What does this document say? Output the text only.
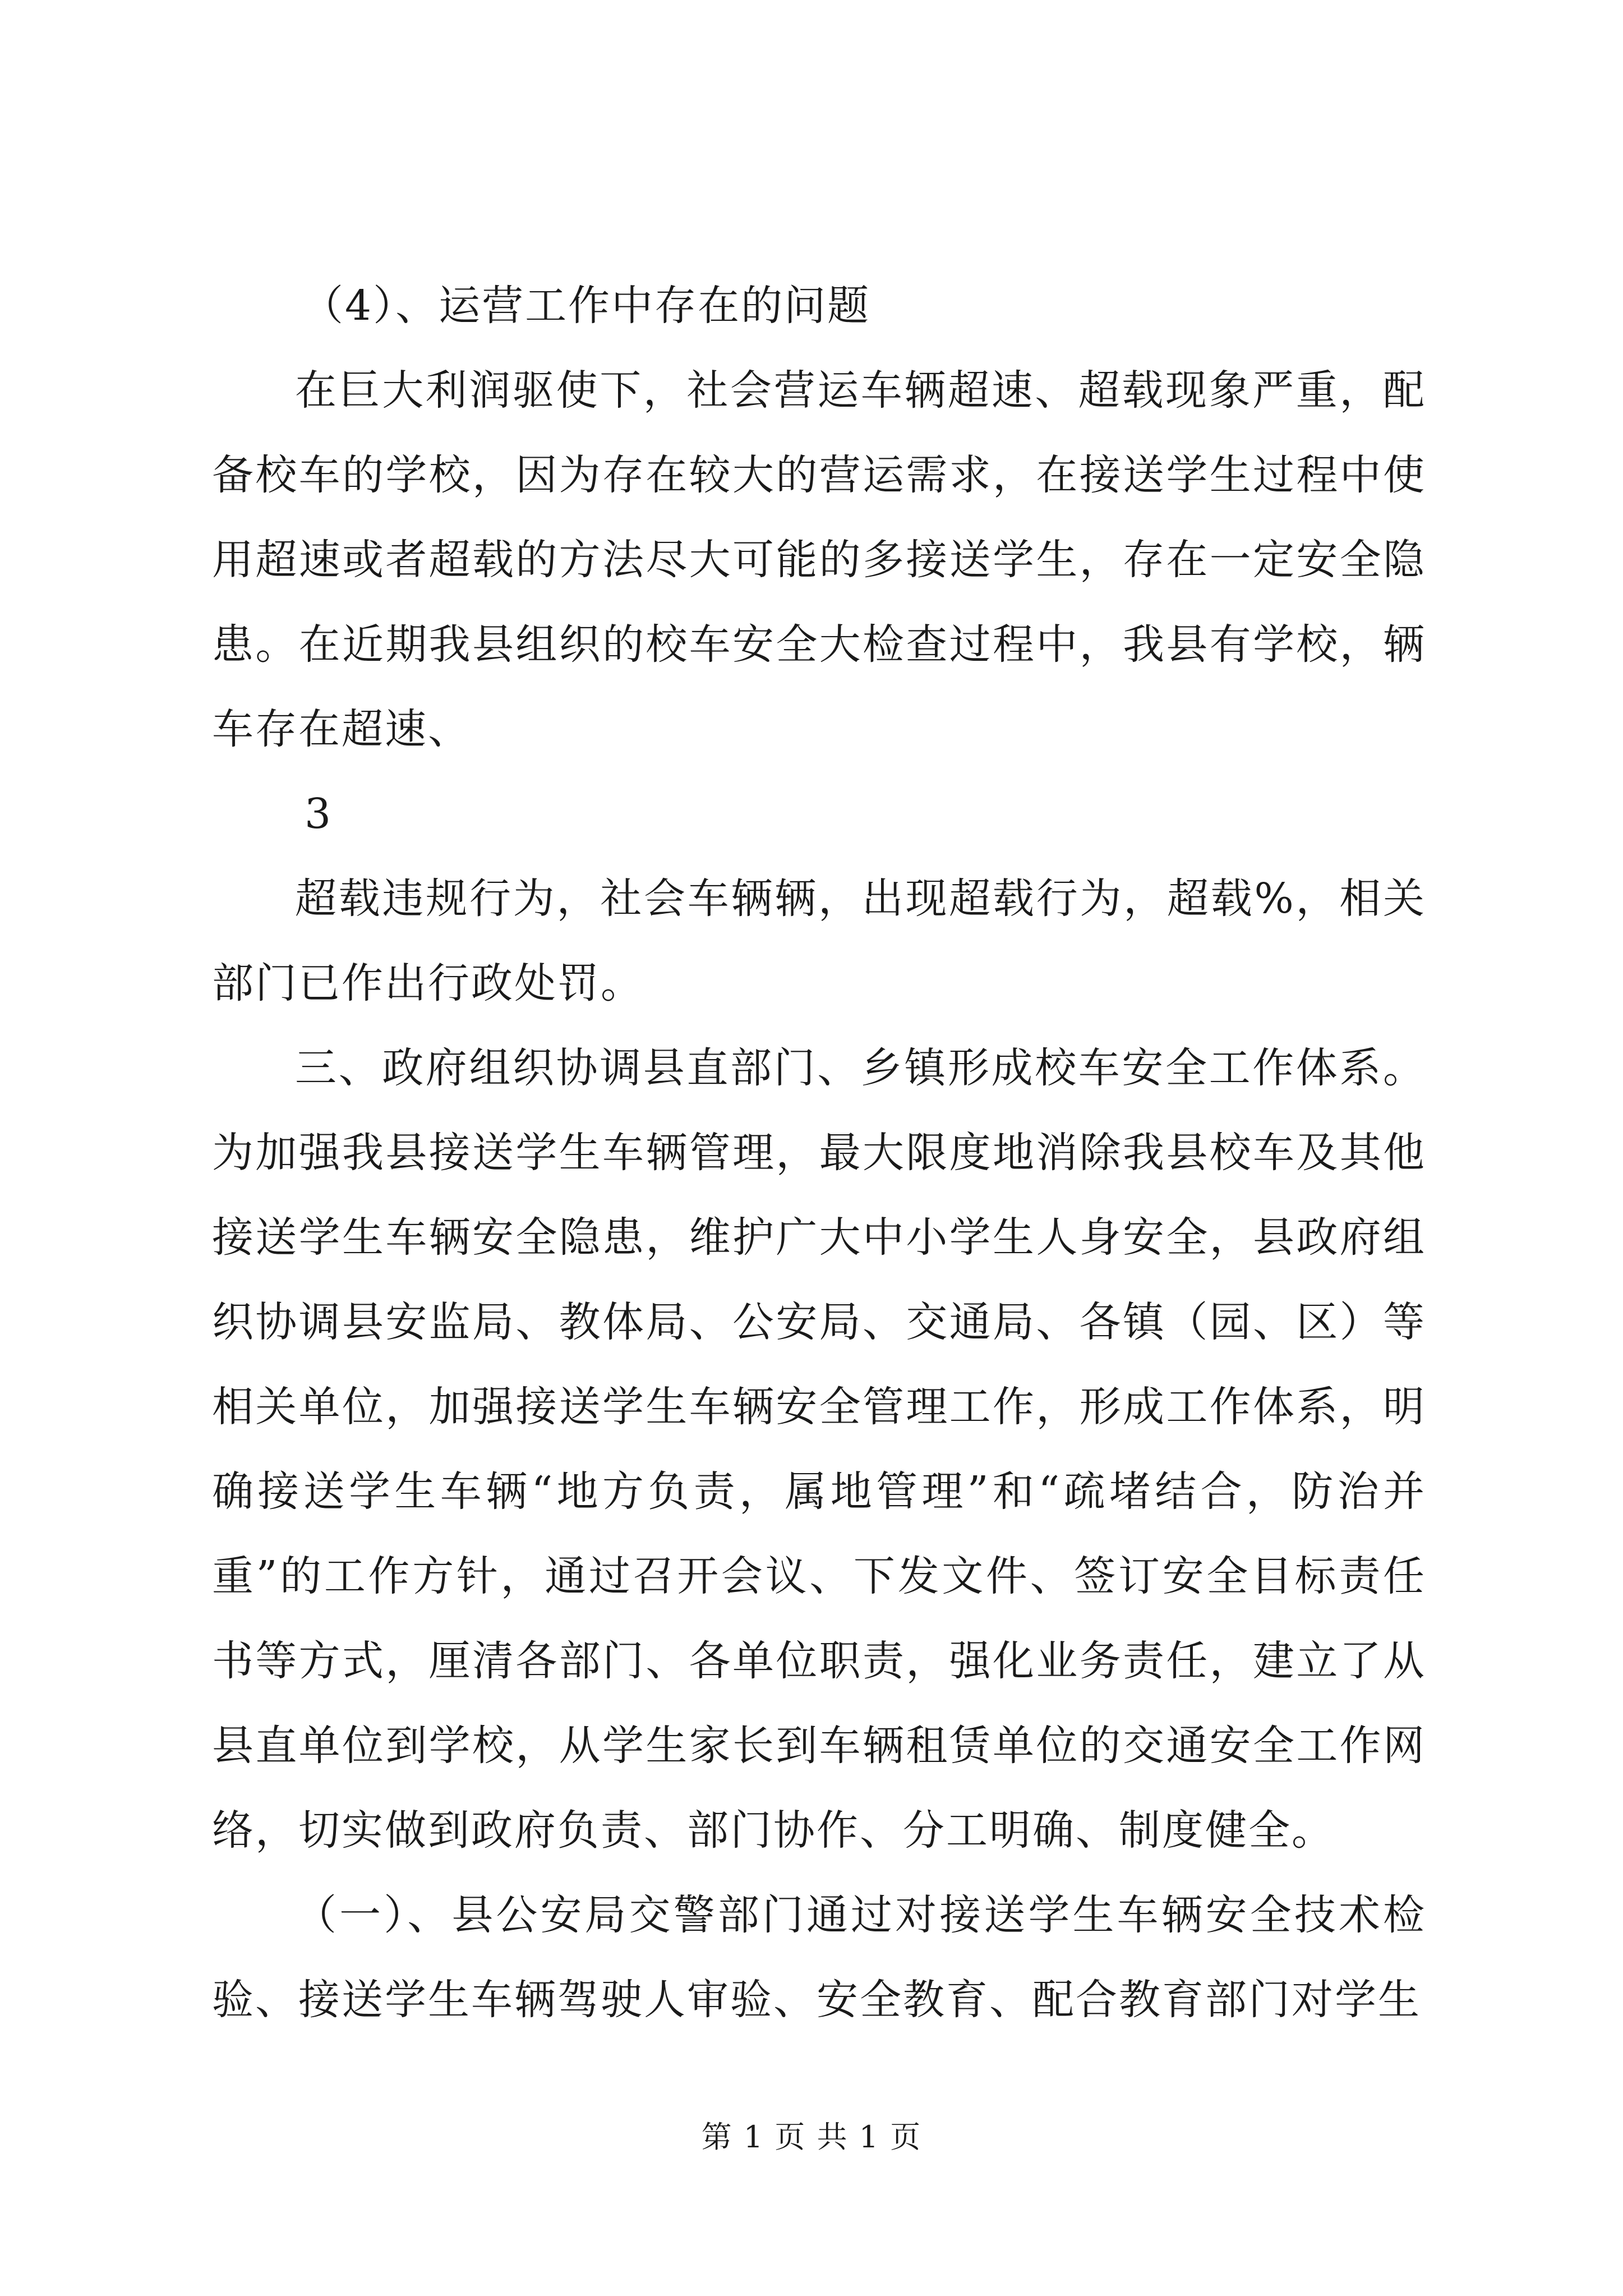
（4）、运营工作中存在的问题

在巨大利润驱使下，社会营运车辆超速、超载现象严重，配备校车的学校，因为存在较大的营运需求，在接送学生过程中使用超速或者超载的方法尽大可能的多接送学生，存在一定安全隐患。在近期我县组织的校车安全大检查过程中，我县有学校，辆车存在超速、

3

超载违规行为，社会车辆辆，出现超载行为，超载%，相关部门已作出行政处罚。

三、政府组织协调县直部门、乡镇形成校车安全工作体系。为加强我县接送学生车辆管理，最大限度地消除我县校车及其他接送学生车辆安全隐患，维护广大中小学生人身安全，县政府组织协调县安监局、教体局、公安局、交通局、各镇（园、区）等相关单位，加强接送学生车辆安全管理工作，形成工作体系，明确接送学生车辆“地方负责，属地管理”和“疏堵结合，防治并重”的工作方针，通过召开会议、下发文件、签订安全目标责任书等方式，厘清各部门、各单位职责，强化业务责任，建立了从县直单位到学校，从学生家长到车辆租赁单位的交通安全工作网络，切实做到政府负责、部门协作、分工明确、制度健全。

（一）、县公安局交警部门通过对接送学生车辆安全技术检验、接送学生车辆驾驶人审验、安全教育、配合教育部门对学生

第 1 页 共 1 页
